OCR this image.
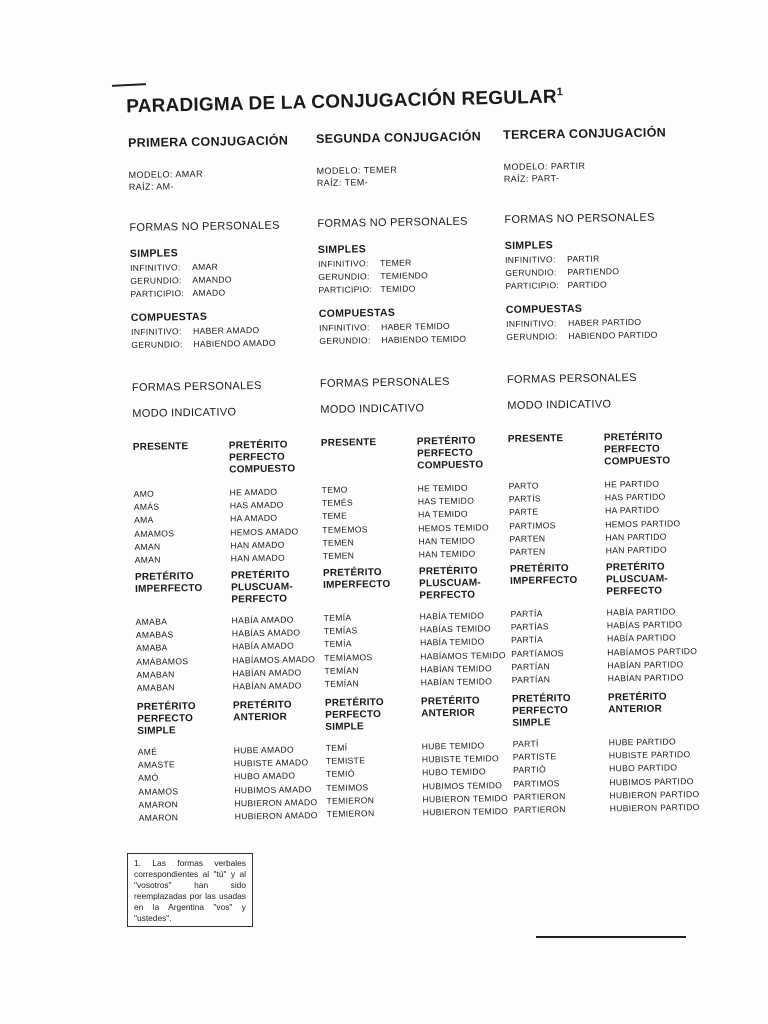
PARADIGMA DE LA CONJUGACIÓN REGULAR$^1$
PRIMERA CONJUGACIÓN
MODELO: AMAR
RAÍZ: AM-
FORMAS NO PERSONALES
SIMPLES
INFINITIVO:	AMAR
GERUNDIO:	AMANDO
PARTICIPIO: AMADO
COMPUESTAS
INFINITIVO:	HABER AMADO
GERUNDIO:	HABIENDO AMADO
FORMAS PERSONALES
MODO INDICATIVO
PRESENTE
AMO
AMÁS
AMA
AMAMOS
AMAN
AMAN
PRETÉRITO PERFECTO COMPUESTO
HE AMADO
HAS AMADO
HA AMADO
HEMOS AMADO
HAN AMADO
HAN AMADO
PRETÉRITO IMPERFECTO
AMABA
AMABAS
AMABA
AMÁBAMOS
AMABAN
AMABAN
PRETÉRITO PLUSCUAM-PERFECTO
HABÍA AMADO
HABÍAS AMADO
HABÍA AMADO
HABÍAMOS AMADO
HABÍAN AMADO
HABÍAN AMADO
PRETÉRITO PERFECTO SIMPLE
AMÉ
AMASTE
AMÓ
AMAMOS
AMARON
AMARON
PRETÉRITO ANTERIOR
HUBE AMADO
HUBISTE AMADO
HUBO AMADO
HUBIMOS AMADO
HUBIERON AMADO
HUBIERON AMADO
SEGUNDA CONJUGACIÓN
MODELO: TEMER
RAÍZ: TEM-
FORMAS NO PERSONALES
SIMPLES
INFINITIVO:	TEMER
GERUNDIO:	TEMIENDO
PARTICIPIO: TEMIDO
COMPUESTAS
INFINITIVO:	HABER TEMIDO
GERUNDIO:	HABIENDO TEMIDO
FORMAS PERSONALES
MODO INDICATIVO
PRESENTE
TEMO
TEMÉS
TEME
TEMEMOS
TEMEN
TEMEN
PRETÉRITO PERFECTO COMPUESTO
HE TEMIDO
HAS TEMIDO
HA TEMIDO
HEMOS TEMIDO
HAN TEMIDO
HAN TEMIDO
PRETÉRITO IMPERFECTO
TEMÍA
TEMÍAS
TEMÍA
TEMÍAMOS
TEMÍAN
TEMÍAN
PRETÉRITO PLUSCUAM-PERFECTO
HABÍA TEMIDO
HABÍAS TEMIDO
HABÍA TEMIDO
HABÍAMOS TEMIDO
HABÍAN TEMIDO
HABÍAN TEMIDO
PRETÉRITO PERFECTO SIMPLE
TEMÍ
TEMISTE
TEMIÓ
TEMIMOS
TEMIERON
TEMIERON
PRETÉRITO ANTERIOR
HUBE TEMIDO
HUBISTE TEMIDO
HUBO TEMIDO
HUBIMOS TEMIDO
HUBIERON TEMIDO
HUBIERON TEMIDO
TERCERA CONJUGACIÓN
MODELO: PARTIR
RAÍZ: PART-
FORMAS NO PERSONALES
SIMPLES
INFINITIVO:	PARTIR
GERUNDIO:	PARTIENDO
PARTICIPIO: PARTIDO
COMPUESTAS
INFINITIVO:	HABER PARTIDO
GERUNDIO:	HABIENDO PARTIDO
FORMAS PERSONALES
MODO INDICATIVO
PRESENTE
PARTO
PARTÍS
PARTE
PARTIMOS
PARTEN
PARTEN
PRETÉRITO PERFECTO COMPUESTO
HE PARTIDO
HAS PARTIDO
HA PARTIDO
HEMOS PARTIDO
HAN PARTIDO
HAN PARTIDO
PRETÉRITO IMPERFECTO
PARTÍA
PARTÍAS
PARTÍA
PARTÍAMOS
PARTÍAN
PARTÍAN
PRETÉRITO PLUSCUAM-PERFECTO
HABÍA PARTIDO
HABÍAS PARTIDO
HABÍA PARTIDO
HABÍAMOS PARTIDO
HABÍAN PARTIDO
HABÍAN PARTIDO
PRETÉRITO PERFECTO SIMPLE
PARTÍ
PARTISTE
PARTIÓ
PARTIMOS
PARTIERON
PARTIERON
PRETÉRITO ANTERIOR
HUBE PARTIDO
HUBISTE PARTIDO
HUBO PARTIDO
HUBIMOS PARTIDO
HUBIERON PARTIDO
HUBIERON PARTIDO
1. Las formas verbales correspondientes al "tú" y al "vosotros" han sido reemplazadas por las usadas en la Argentina "vos" y "ustedes".
